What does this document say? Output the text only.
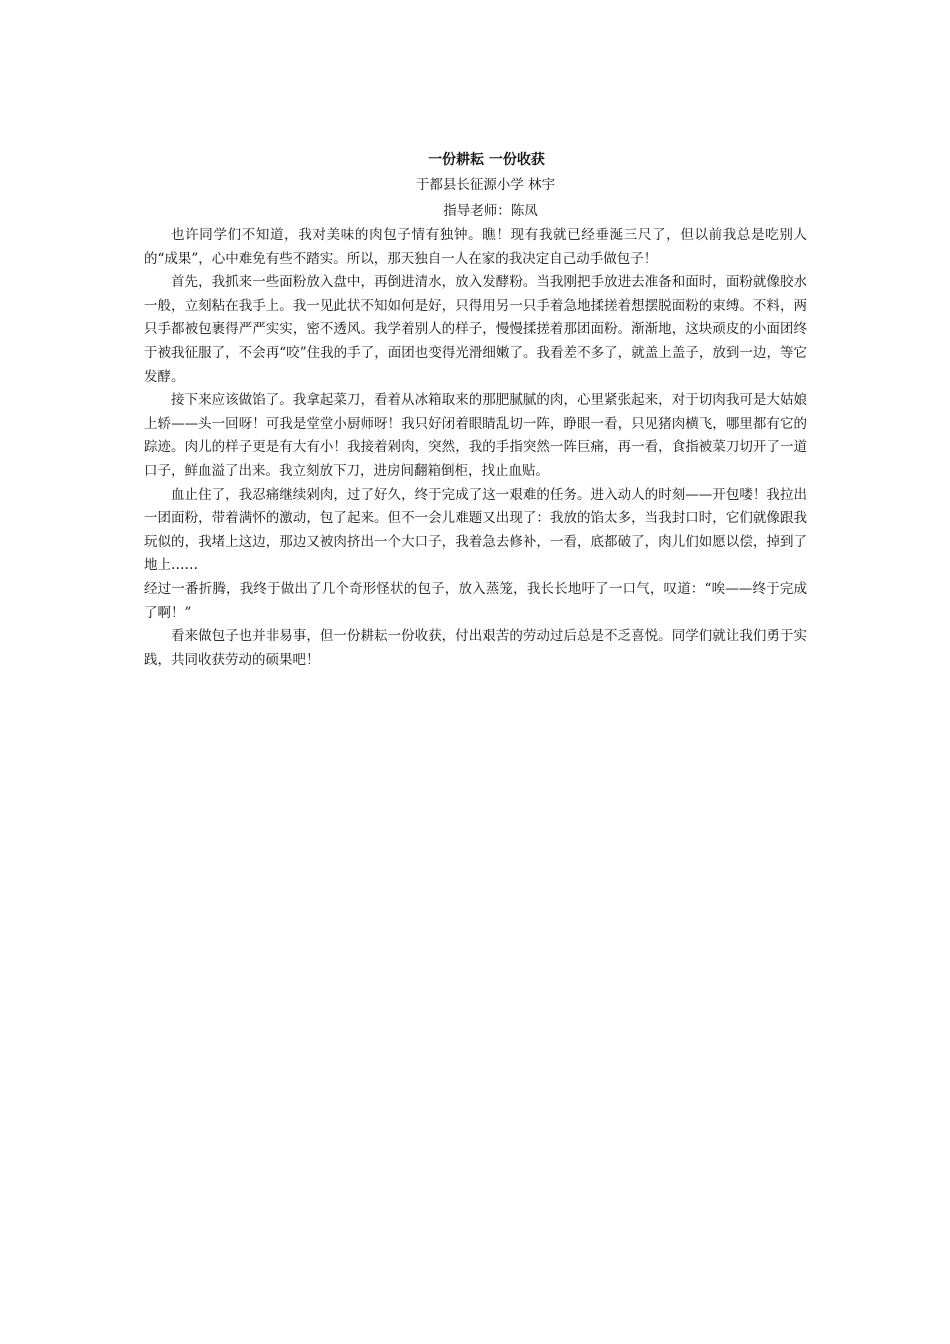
一份耕耘 一份收获

于都县长征源小学 林宇

指导老师：陈凤

也许同学们不知道，我对美味的肉包子情有独钟。瞧！现有我就已经垂涎三尺了，但以前我总是吃别人的“成果”，心中难免有些不踏实。所以，那天独自一人在家的我决定自己动手做包子！

首先，我抓来一些面粉放入盘中，再倒进清水，放入发酵粉。当我刚把手放进去准备和面时，面粉就像胶水一般，立刻粘在我手上。我一见此状不知如何是好，只得用另一只手着急地揉搓着想摆脱面粉的束缚。不料，两只手都被包裹得严严实实，密不透风。我学着别人的样子，慢慢揉搓着那团面粉。渐渐地，这块顽皮的小面团终于被我征服了，不会再“咬”住我的手了，面团也变得光滑细嫩了。我看差不多了，就盖上盖子，放到一边，等它发酵。

接下来应该做馅了。我拿起菜刀，看着从冰箱取来的那肥腻腻的肉，心里紧张起来，对于切肉我可是大姑娘上轿——头一回呀！可我是堂堂小厨师呀！我只好闭着眼睛乱切一阵，睁眼一看，只见猪肉横飞，哪里都有它的踪迹。肉儿的样子更是有大有小！我接着剁肉，突然，我的手指突然一阵巨痛，再一看，食指被菜刀切开了一道口子，鲜血溢了出来。我立刻放下刀，进房间翻箱倒柜，找止血贴。

血止住了，我忍痛继续剁肉，过了好久，终于完成了这一艰难的任务。进入动人的时刻——开包喽！我拉出一团面粉，带着满怀的激动，包了起来。但不一会儿难题又出现了：我放的馅太多，当我封口时，它们就像跟我玩似的，我堵上这边，那边又被肉挤出一个大口子，我着急去修补，一看，底都破了，肉儿们如愿以偿，掉到了地上……

经过一番折腾，我终于做出了几个奇形怪状的包子，放入蒸笼，我长长地吁了一口气，叹道：“唉——终于完成了啊！”

看来做包子也并非易事，但一份耕耘一份收获，付出艰苦的劳动过后总是不乏喜悦。同学们就让我们勇于实践，共同收获劳动的硕果吧！
